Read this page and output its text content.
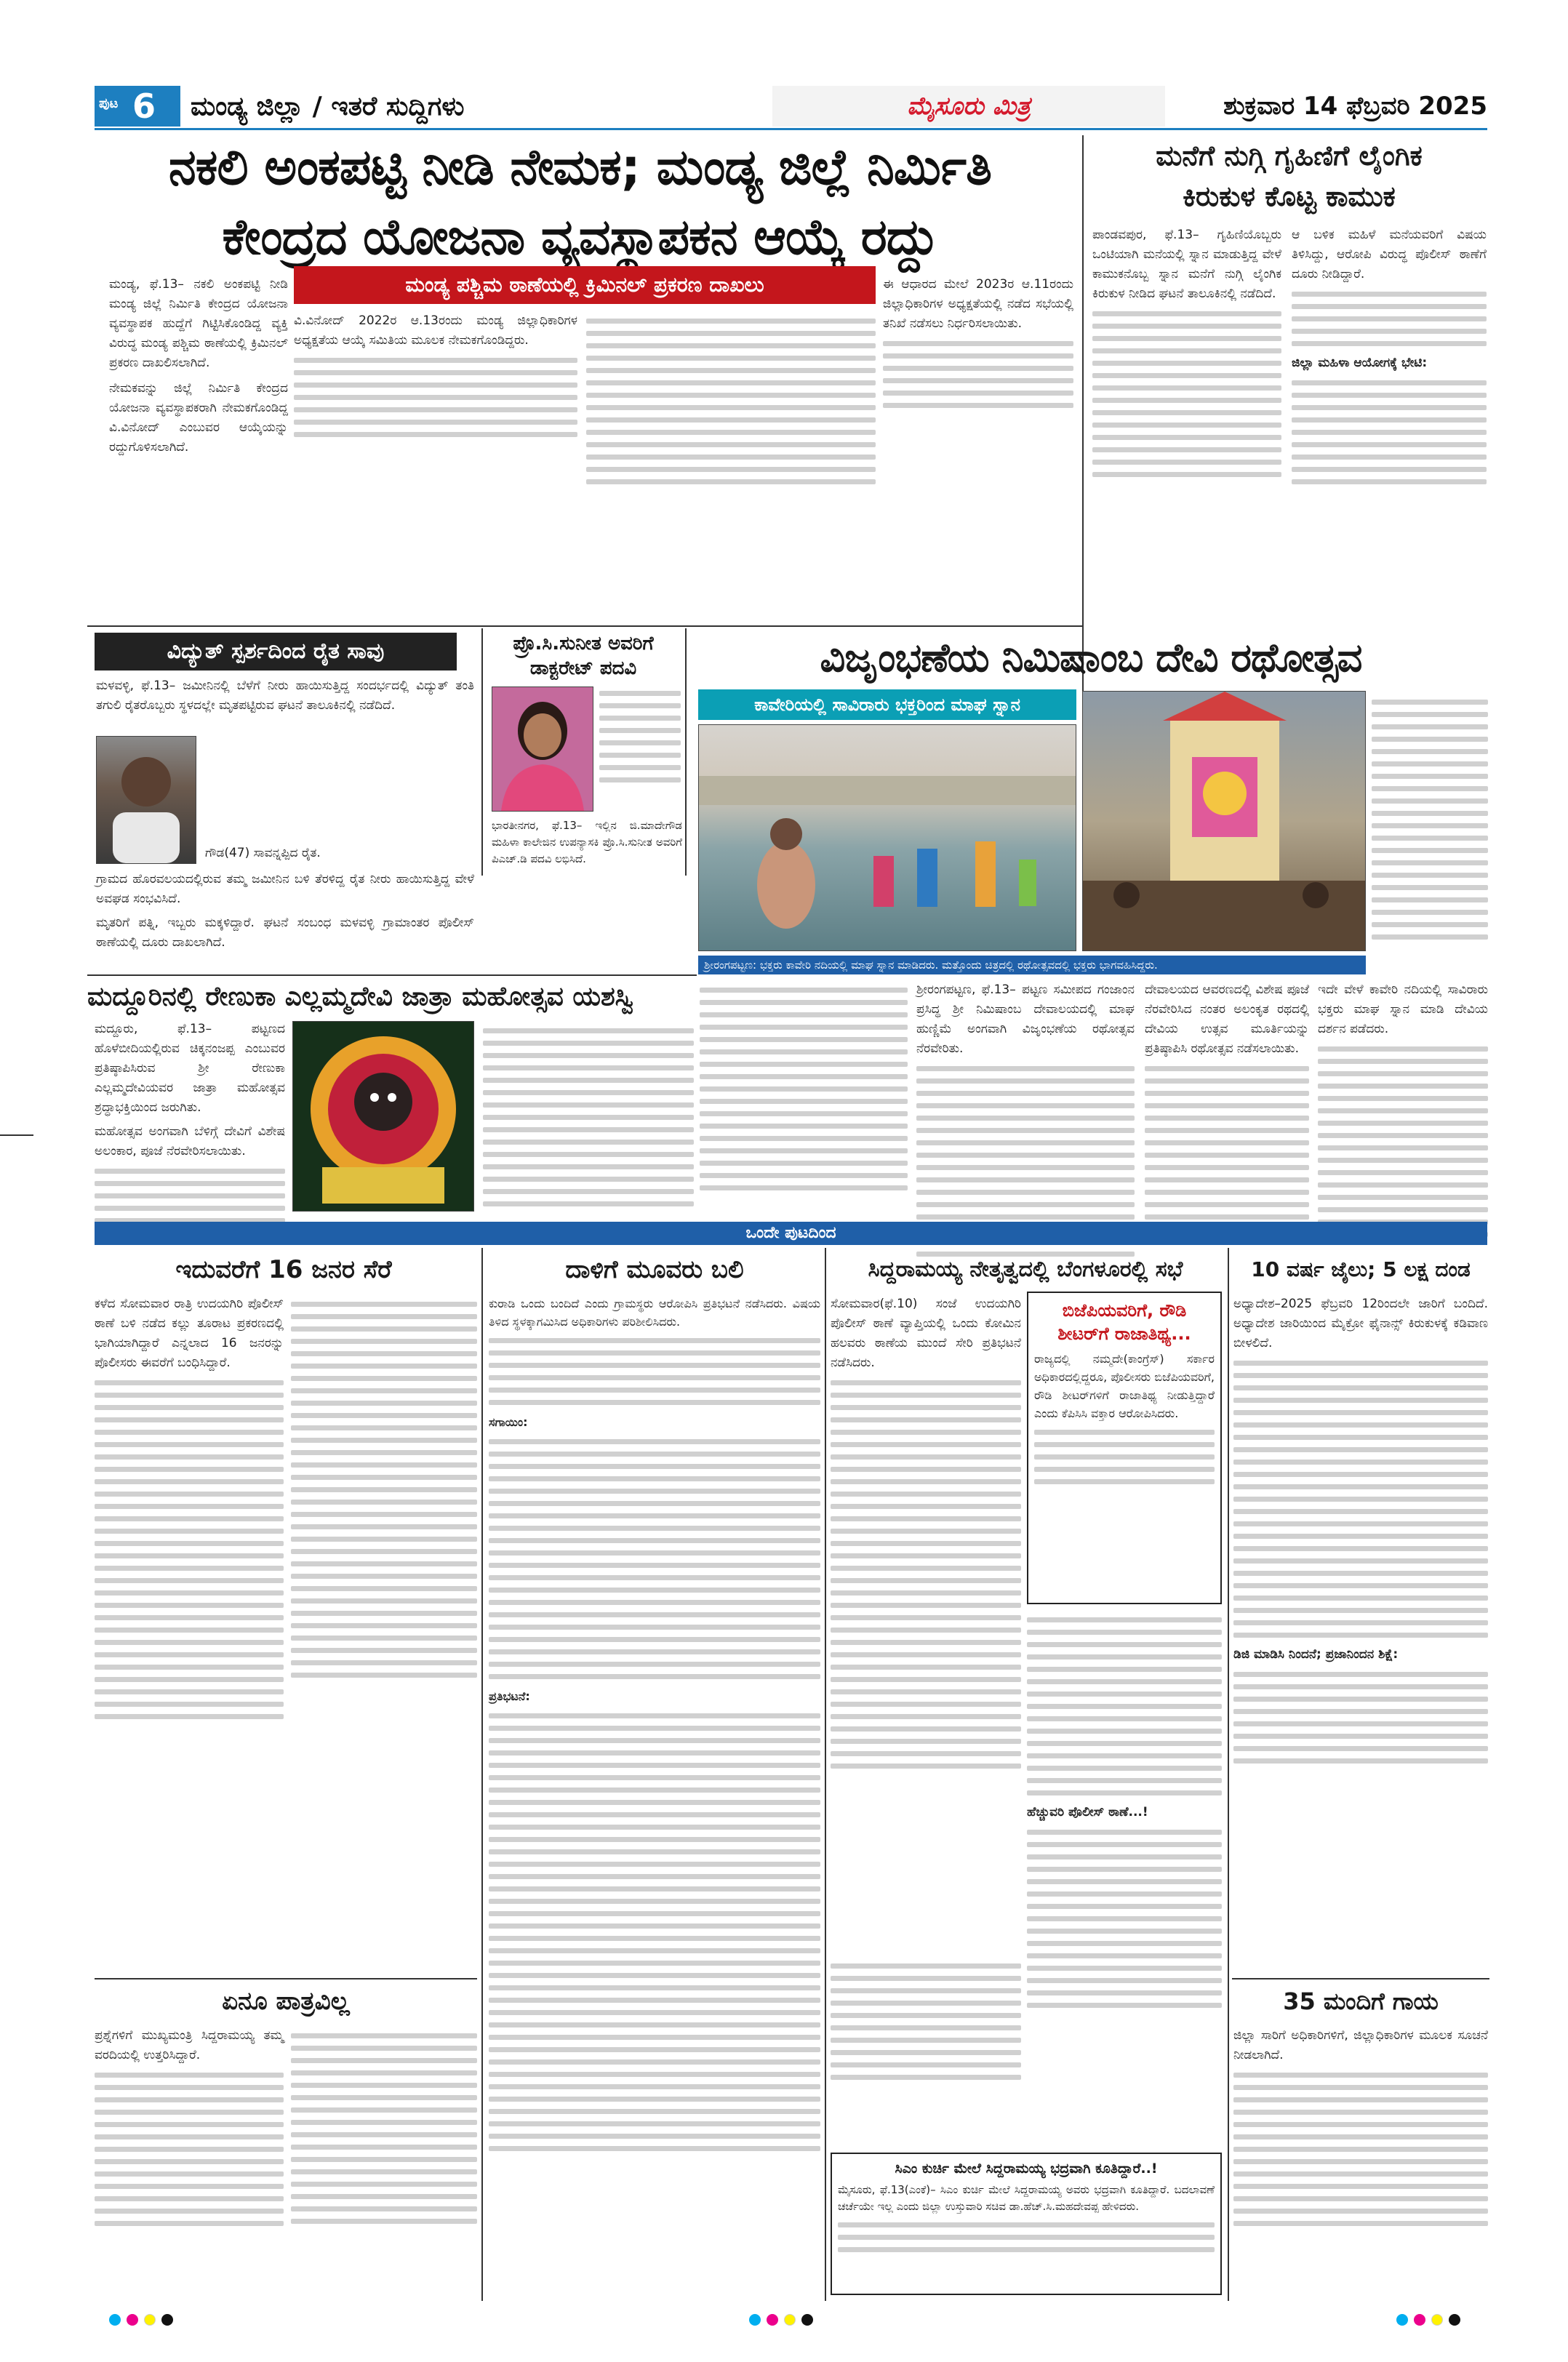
ಪುಟ 6 ಮಂಡ್ಯ ಜಿಲ್ಲಾ / ಇತರೆ ಸುದ್ದಿಗಳು	ಮೈಸೂರು ಮಿತ್ರ	ಶುಕ್ರವಾರ 14 ಫೆಬ್ರವರಿ 2025
ನಕಲಿ ಅಂಕಪಟ್ಟಿ ನೀಡಿ ನೇಮಕ; ಮಂಡ್ಯ ಜಿಲ್ಲೆ ನಿರ್ಮಿತಿ
ಕೇಂದ್ರದ ಯೋಜನಾ ವ್ಯವಸ್ಥಾಪಕನ ಆಯ್ಕೆ ರದ್ದು

ಮಂಡ್ಯ, ಫೆ.13– ನಕಲಿ ಅಂಕಪಟ್ಟಿ ನೀಡಿ ಮಂಡ್ಯ ಜಿಲ್ಲೆ ನಿರ್ಮಿತಿ ಕೇಂದ್ರದ ಯೋಜನಾ ವ್ಯವಸ್ಥಾಪಕ ಹುದ್ದೆಗೆ ಗಿಟ್ಟಿಸಿಕೊಂಡಿದ್ದ ವ್ಯಕ್ತಿ ವಿರುದ್ಧ ಮಂಡ್ಯ ಪಶ್ಚಿಮ ಠಾಣೆಯಲ್ಲಿ ಕ್ರಿಮಿನಲ್ ಪ್ರಕರಣ ದಾಖಲಿಸಲಾಗಿದೆ.

ನೇಮಕವನ್ನು ಜಿಲ್ಲೆ ನಿರ್ಮಿತಿ ಕೇಂದ್ರದ ಯೋಜನಾ ವ್ಯವಸ್ಥಾಪಕರಾಗಿ ನೇಮಕಗೊಂಡಿದ್ದ ವಿ.ವಿನೋದ್ ಎಂಬುವರ ಆಯ್ಕೆಯನ್ನು ರದ್ದುಗೊಳಿಸಲಾಗಿದೆ.

ಮಂಡ್ಯ ಪಶ್ಚಿಮ ಠಾಣೆಯಲ್ಲಿ ಕ್ರಿಮಿನಲ್ ಪ್ರಕರಣ ದಾಖಲು

ವಿ.ವಿನೋದ್ 2022ರ ಆ.13ರಂದು ಮಂಡ್ಯ ಜಿಲ್ಲಾಧಿಕಾರಿಗಳ ಅಧ್ಯಕ್ಷತೆಯ ಆಯ್ಕೆ ಸಮಿತಿಯ ಮೂಲಕ ನೇಮಕಗೊಂಡಿದ್ದರು.

ಈ ಆಧಾರದ ಮೇಲೆ 2023ರ ಆ.11ರಂದು ಜಿಲ್ಲಾಧಿಕಾರಿಗಳ ಅಧ್ಯಕ್ಷತೆಯಲ್ಲಿ ನಡೆದ ಸಭೆಯಲ್ಲಿ ತನಿಖೆ ನಡೆಸಲು ನಿರ್ಧರಿಸಲಾಯಿತು.

ಮನೆಗೆ ನುಗ್ಗಿ ಗೃಹಿಣಿಗೆ ಲೈಂಗಿಕ
ಕಿರುಕುಳ ಕೊಟ್ಟ ಕಾಮುಕ

ಪಾಂಡವಪುರ, ಫೆ.13– ಗೃಹಿಣಿಯೊಬ್ಬರು ಒಂಟಿಯಾಗಿ ಮನೆಯಲ್ಲಿ ಸ್ನಾನ ಮಾಡುತ್ತಿದ್ದ ವೇಳೆ ಕಾಮುಕನೊಬ್ಬ ಸ್ನಾನ ಮನೆಗೆ ನುಗ್ಗಿ ಲೈಂಗಿಕ ಕಿರುಕುಳ ನೀಡಿದ ಘಟನೆ ತಾಲೂಕಿನಲ್ಲಿ ನಡೆದಿದೆ.

ಆ ಬಳಿಕ ಮಹಿಳೆ ಮನೆಯವರಿಗೆ ವಿಷಯ ತಿಳಿಸಿದ್ದು, ಆರೋಪಿ ವಿರುದ್ಧ ಪೊಲೀಸ್ ಠಾಣೆಗೆ ದೂರು ನೀಡಿದ್ದಾರೆ.

ಜಿಲ್ಲಾ ಮಹಿಳಾ ಆಯೋಗಕ್ಕೆ ಭೇಟಿ:

ವಿದ್ಯುತ್ ಸ್ಪರ್ಶದಿಂದ ರೈತ ಸಾವು

ಮಳವಳ್ಳಿ, ಫೆ.13– ಜಮೀನಿನಲ್ಲಿ ಬೆಳೆಗೆ ನೀರು ಹಾಯಿಸುತ್ತಿದ್ದ ಸಂದರ್ಭದಲ್ಲಿ ವಿದ್ಯುತ್ ತಂತಿ ತಗುಲಿ ರೈತರೊಬ್ಬರು ಸ್ಥಳದಲ್ಲೇ ಮೃತಪಟ್ಟಿರುವ ಘಟನೆ ತಾಲೂಕಿನಲ್ಲಿ ನಡೆದಿದೆ.

ಗೌಡ(47) ಸಾವನ್ನಪ್ಪಿದ ರೈತ.

ಗ್ರಾಮದ ಹೊರವಲಯದಲ್ಲಿರುವ ತಮ್ಮ ಜಮೀನಿನ ಬಳಿ ತೆರಳಿದ್ದ ರೈತ ನೀರು ಹಾಯಿಸುತ್ತಿದ್ದ ವೇಳೆ ಅವಘಡ ಸಂಭವಿಸಿದೆ.

ಮೃತರಿಗೆ ಪತ್ನಿ, ಇಬ್ಬರು ಮಕ್ಕಳಿದ್ದಾರೆ. ಘಟನೆ ಸಂಬಂಧ ಮಳವಳ್ಳಿ ಗ್ರಾಮಾಂತರ ಪೊಲೀಸ್ ಠಾಣೆಯಲ್ಲಿ ದೂರು ದಾಖಲಾಗಿದೆ.

ಪ್ರೊ.ಸಿ.ಸುನೀತ ಅವರಿಗೆ
ಡಾಕ್ಟರೇಟ್ ಪದವಿ

ಭಾರತೀನಗರ, ಫೆ.13– ಇಲ್ಲಿನ ಜಿ.ಮಾದೇಗೌಡ ಮಹಿಳಾ ಕಾಲೇಜಿನ ಉಪನ್ಯಾಸಕಿ ಪ್ರೊ.ಸಿ.ಸುನೀತ ಅವರಿಗೆ ಪಿಎಚ್.ಡಿ ಪದವಿ ಲಭಿಸಿದೆ.

ವಿಜೃಂಭಣೆಯ ನಿಮಿಷಾಂಬ ದೇವಿ ರಥೋತ್ಸವ
ಕಾವೇರಿಯಲ್ಲಿ ಸಾವಿರಾರು ಭಕ್ತರಿಂದ ಮಾಘ ಸ್ನಾನ
ಶ್ರೀರಂಗಪಟ್ಟಣ: ಭಕ್ತರು ಕಾವೇರಿ ನದಿಯಲ್ಲಿ ಮಾಘ ಸ್ನಾನ ಮಾಡಿದರು. ಮತ್ತೊಂದು ಚಿತ್ರದಲ್ಲಿ ರಥೋತ್ಸವದಲ್ಲಿ ಭಕ್ತರು ಭಾಗವಹಿಸಿದ್ದರು.

ಶ್ರೀರಂಗಪಟ್ಟಣ, ಫೆ.13– ಪಟ್ಟಣ ಸಮೀಪದ ಗಂಜಾಂನ ಪ್ರಸಿದ್ಧ ಶ್ರೀ ನಿಮಿಷಾಂಬ ದೇವಾಲಯದಲ್ಲಿ ಮಾಘ ಹುಣ್ಣಿಮೆ ಅಂಗವಾಗಿ ವಿಜೃಂಭಣೆಯ ರಥೋತ್ಸವ ನೆರವೇರಿತು.

ದೇವಾಲಯದ ಆವರಣದಲ್ಲಿ ವಿಶೇಷ ಪೂಜೆ ನೆರವೇರಿಸಿದ ನಂತರ ಅಲಂಕೃತ ರಥದಲ್ಲಿ ದೇವಿಯ ಉತ್ಸವ ಮೂರ್ತಿಯನ್ನು ಪ್ರತಿಷ್ಠಾಪಿಸಿ ರಥೋತ್ಸವ ನಡೆಸಲಾಯಿತು.

ಇದೇ ವೇಳೆ ಕಾವೇರಿ ನದಿಯಲ್ಲಿ ಸಾವಿರಾರು ಭಕ್ತರು ಮಾಘ ಸ್ನಾನ ಮಾಡಿ ದೇವಿಯ ದರ್ಶನ ಪಡೆದರು.

ಮದ್ದೂರಿನಲ್ಲಿ ರೇಣುಕಾ ಎಲ್ಲಮ್ಮದೇವಿ ಜಾತ್ರಾ ಮಹೋತ್ಸವ ಯಶಸ್ವಿ

ಮದ್ದೂರು, ಫೆ.13– ಪಟ್ಟಣದ ಹೊಳೆಬೀದಿಯಲ್ಲಿರುವ ಚಿಕ್ಕನಂಜಪ್ಪ ಎಂಬುವರ ಪ್ರತಿಷ್ಠಾಪಿಸಿರುವ ಶ್ರೀ ರೇಣುಕಾ ಎಲ್ಲಮ್ಮದೇವಿಯವರ ಜಾತ್ರಾ ಮಹೋತ್ಸವ ಶ್ರದ್ಧಾಭಕ್ತಿಯಿಂದ ಜರುಗಿತು.

ಮಹೋತ್ಸವ ಅಂಗವಾಗಿ ಬೆಳಿಗ್ಗೆ ದೇವಿಗೆ ವಿಶೇಷ ಅಲಂಕಾರ, ಪೂಜೆ ನೆರವೇರಿಸಲಾಯಿತು.

ಒಂದೇ ಪುಟದಿಂದ
ಇದುವರೆಗೆ 16 ಜನರ ಸೆರೆ

ಕಳೆದ ಸೋಮವಾರ ರಾತ್ರಿ ಉದಯಗಿರಿ ಪೊಲೀಸ್ ಠಾಣೆ ಬಳಿ ನಡೆದ ಕಲ್ಲು ತೂರಾಟ ಪ್ರಕರಣದಲ್ಲಿ ಭಾಗಿಯಾಗಿದ್ದಾರೆ ಎನ್ನಲಾದ 16 ಜನರನ್ನು ಪೊಲೀಸರು ಈವರೆಗೆ ಬಂಧಿಸಿದ್ದಾರೆ.

ಏನೂ ಪಾತ್ರವಿಲ್ಲ

ಪ್ರಶ್ನೆಗಳಿಗೆ ಮುಖ್ಯಮಂತ್ರಿ ಸಿದ್ದರಾಮಯ್ಯ ತಮ್ಮ ವರದಿಯಲ್ಲಿ ಉತ್ತರಿಸಿದ್ದಾರೆ.

ದಾಳಿಗೆ ಮೂವರು ಬಲಿ

ಕುರಾಡಿ ಒಂದು ಬಂದಿದೆ ಎಂದು ಗ್ರಾಮಸ್ಥರು ಆರೋಪಿಸಿ ಪ್ರತಿಭಟನೆ ನಡೆಸಿದರು. ವಿಷಯ ತಿಳಿದ ಸ್ಥಳಕ್ಕಾಗಮಿಸಿದ ಅಧಿಕಾರಿಗಳು ಪರಿಶೀಲಿಸಿದರು.

ಸಗಾಯಿಂ:

ಪ್ರತಿಭಟನೆ:

ಸಿದ್ದರಾಮಯ್ಯ ನೇತೃತ್ವದಲ್ಲಿ ಬೆಂಗಳೂರಲ್ಲಿ ಸಭೆ

ಸೋಮವಾರ(ಫೆ.10) ಸಂಜೆ ಉದಯಗಿರಿ ಪೊಲೀಸ್ ಠಾಣೆ ವ್ಯಾಪ್ತಿಯಲ್ಲಿ ಒಂದು ಕೋಮಿನ ಹಲವರು ಠಾಣೆಯ ಮುಂದೆ ಸೇರಿ ಪ್ರತಿಭಟನೆ ನಡೆಸಿದರು.

ಬಿಜೆಪಿಯವರಿಗೆ, ರೌಡಿ
ಶೀಟರ್‌ಗೆ ರಾಜಾತಿಥ್ಯ...

ರಾಜ್ಯದಲ್ಲಿ ನಮ್ಮದೇ(ಕಾಂಗ್ರೆಸ್) ಸರ್ಕಾರ ಅಧಿಕಾರದಲ್ಲಿದ್ದರೂ, ಪೊಲೀಸರು ಬಿಜೆಪಿಯವರಿಗೆ, ರೌಡಿ ಶೀಟರ್‌ಗಳಿಗೆ ರಾಜಾತಿಥ್ಯ ನೀಡುತ್ತಿದ್ದಾರೆ ಎಂದು ಕೆಪಿಸಿಸಿ ವಕ್ತಾರ ಆರೋಪಿಸಿದರು.

ಹೆಚ್ಚುವರಿ ಪೊಲೀಸ್ ಠಾಣೆ...!

ಸಿಎಂ ಕುರ್ಚಿ ಮೇಲೆ ಸಿದ್ದರಾಮಯ್ಯ ಭದ್ರವಾಗಿ ಕೂತಿದ್ದಾರೆ..!

ಮೈಸೂರು, ಫೆ.13(ಎಂಕೆ)– ಸಿಎಂ ಕುರ್ಚಿ ಮೇಲೆ ಸಿದ್ದರಾಮಯ್ಯ ಅವರು ಭದ್ರವಾಗಿ ಕೂತಿದ್ದಾರೆ. ಬದಲಾವಣೆ ಚರ್ಚೆಯೇ ಇಲ್ಲ ಎಂದು ಜಿಲ್ಲಾ ಉಸ್ತುವಾರಿ ಸಚಿವ ಡಾ.ಹೆಚ್.ಸಿ.ಮಹದೇವಪ್ಪ ಹೇಳಿದರು.

10 ವರ್ಷ ಜೈಲು; 5 ಲಕ್ಷ ದಂಡ

ಅಧ್ಯಾದೇಶ–2025 ಫೆಬ್ರವರಿ 12ರಿಂದಲೇ ಜಾರಿಗೆ ಬಂದಿದೆ. ಅಧ್ಯಾದೇಶ ಜಾರಿಯಿಂದ ಮೈಕ್ರೋ ಫೈನಾನ್ಸ್ ಕಿರುಕುಳಕ್ಕೆ ಕಡಿವಾಣ ಬೀಳಲಿದೆ.

ಡಿಜಿ ಮಾಡಿಸಿ ನಿಂದನೆ; ಪ್ರಜಾನಿಂದನ ಶಿಕ್ಷೆ:

35 ಮಂದಿಗೆ ಗಾಯ

ಜಿಲ್ಲಾ ಸಾರಿಗೆ ಅಧಿಕಾರಿಗಳಿಗೆ, ಜಿಲ್ಲಾಧಿಕಾರಿಗಳ ಮೂಲಕ ಸೂಚನೆ ನೀಡಲಾಗಿದೆ.
